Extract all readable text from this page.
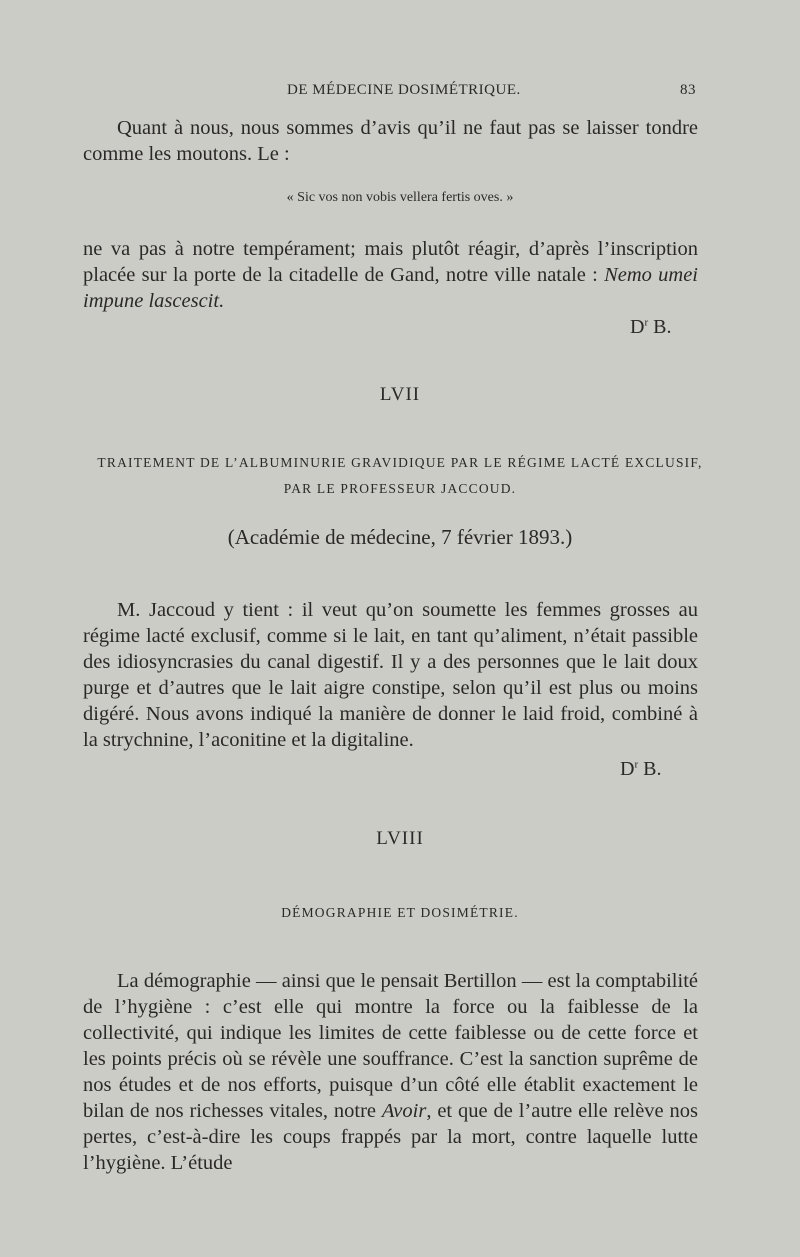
DE MÉDECINE DOSIMÉTRIQUE.	83

Quant à nous, nous sommes d’avis qu’il ne faut pas se laisser tondre comme les moutons. Le :

« Sic vos non vobis vellera fertis oves. »

ne va pas à notre tempérament; mais plutôt réagir, d’après l’inscription placée sur la porte de la citadelle de Gand, notre ville natale : Nemo umei impune lascescit.

$D^r$ B.
LVII
TRAITEMENT DE L’ALBUMINURIE GRAVIDIQUE PAR LE RÉGIME LACTÉ EXCLUSIF,
PAR LE PROFESSEUR JACCOUD.
(Académie de médecine, 7 février 1893.)

M. Jaccoud y tient : il veut qu’on soumette les femmes grosses au régime lacté exclusif, comme si le lait, en tant qu’aliment, n’était passible des idiosyncrasies du canal digestif. Il y a des personnes que le lait doux purge et d’autres que le lait aigre constipe, selon qu’il est plus ou moins digéré. Nous avons indiqué la manière de donner le laid froid, combiné à la strychnine, l’aconitine et la digitaline.

$D^r$ B.
LVIII
DÉMOGRAPHIE ET DOSIMÉTRIE.

La démographie — ainsi que le pensait Bertillon — est la comptabilité de l’hygiène : c’est elle qui montre la force ou la faiblesse de la collectivité, qui indique les limites de cette faiblesse ou de cette force et les points précis où se révèle une souffrance. C’est la sanction suprême de nos études et de nos efforts, puisque d’un côté elle établit exactement le bilan de nos richesses vitales, notre Avoir, et que de l’autre elle relève nos pertes, c’est-à-dire les coups frappés par la mort, contre laquelle lutte l’hygiène. L’étude
